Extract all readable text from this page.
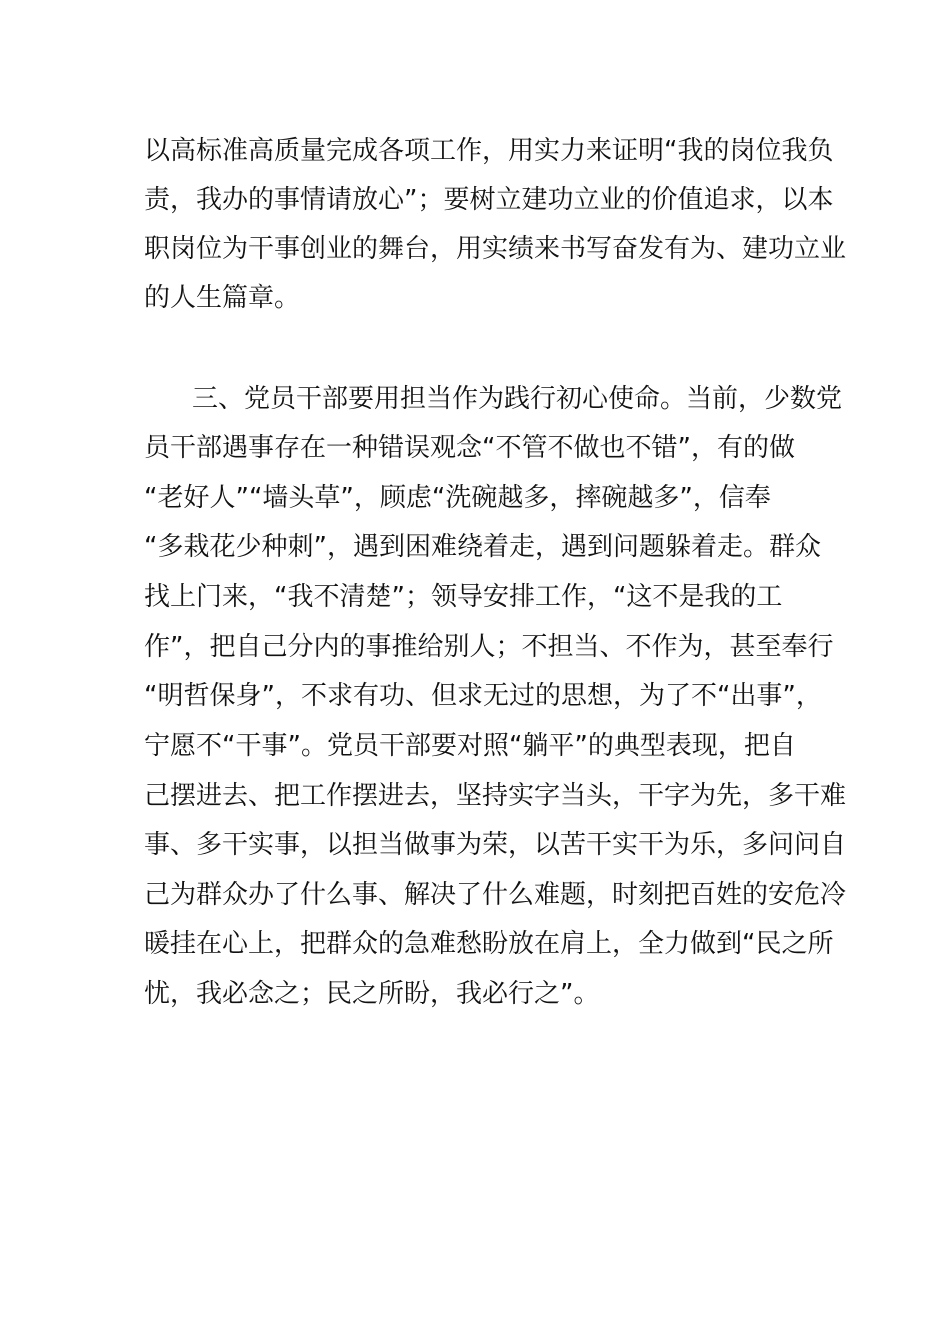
以高标准高质量完成各项工作，用实力来证明“我的岗位我负
责，我办的事情请放心”；要树立建功立业的价值追求，以本
职岗位为干事创业的舞台，用实绩来书写奋发有为、建功立业
的人生篇章。
三、党员干部要用担当作为践行初心使命。当前，少数党
员干部遇事存在一种错误观念“不管不做也不错”，有的做
“老好人”“墙头草”，顾虑“洗碗越多，摔碗越多”，信奉
“多栽花少种刺”，遇到困难绕着走，遇到问题躲着走。群众
找上门来，“我不清楚”；领导安排工作，“这不是我的工
作”，把自己分内的事推给别人；不担当、不作为，甚至奉行
“明哲保身”，不求有功、但求无过的思想，为了不“出事”，
宁愿不“干事”。党员干部要对照“躺平”的典型表现，把自
己摆进去、把工作摆进去，坚持实字当头，干字为先，多干难
事、多干实事，以担当做事为荣，以苦干实干为乐，多问问自
己为群众办了什么事、解决了什么难题，时刻把百姓的安危冷
暖挂在心上，把群众的急难愁盼放在肩上，全力做到“民之所
忧，我必念之；民之所盼，我必行之”。
